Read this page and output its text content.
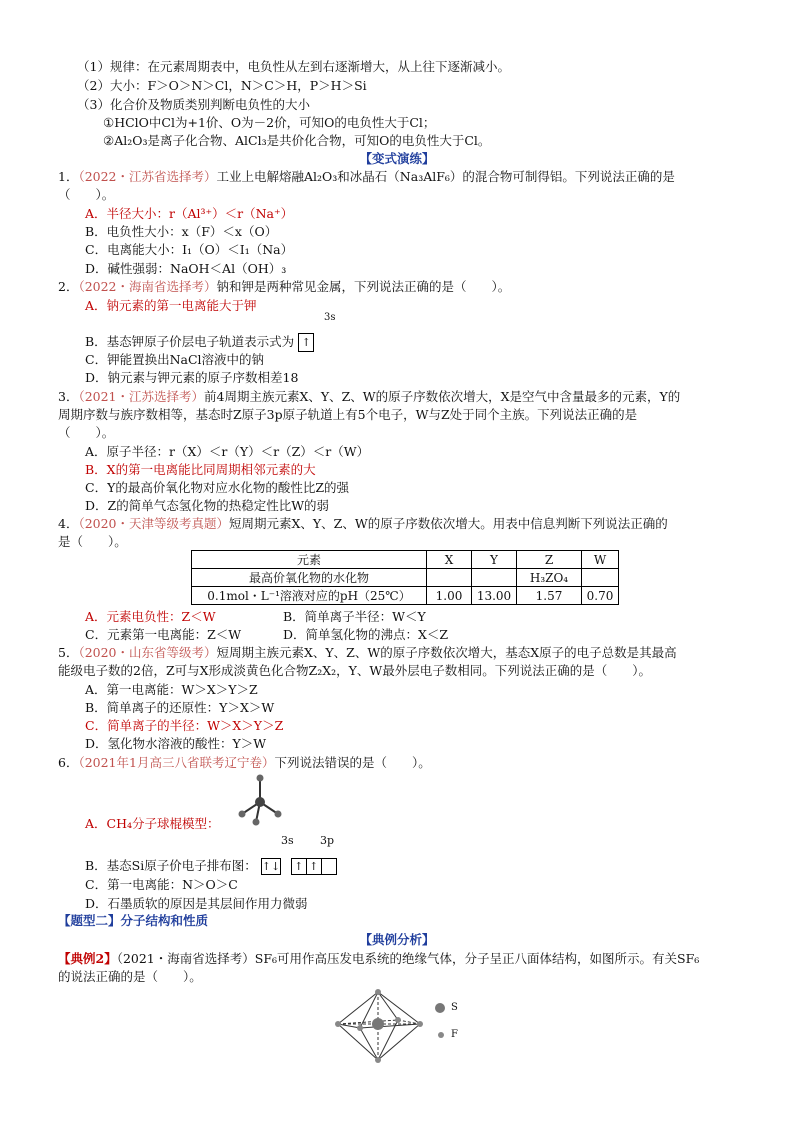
（1）规律：在元素周期表中，电负性从左到右逐渐增大，从上往下逐渐减小。
（2）大小：F＞O＞N＞Cl，N＞C＞H，P＞H＞Si
（3）化合价及物质类别判断电负性的大小
①HClO中Cl为+1价、O为－2价，可知O的电负性大于Cl；
②Al₂O₃是离子化合物、AlCl₃是共价化合物，可知O的电负性大于Cl。
【变式演练】
1．（2022・江苏省选择考）工业上电解熔融Al₂O₃和冰晶石（Na₃AlF₆）的混合物可制得铝。下列说法正确的是
（　　）。
A．半径大小：r（Al³⁺）＜r（Na⁺）
B．电负性大小：x（F）＜x（O）
C．电离能大小：I₁（O）＜I₁（Na）
D．碱性强弱：NaOH＜Al（OH）₃
2．（2022・海南省选择考）钠和钾是两种常见金属，下列说法正确的是（　　）。
A．钠元素的第一电离能大于钾
3s
B．基态钾原子价层电子轨道表示式为 ↑
C．钾能置换出NaCl溶液中的钠
D．钠元素与钾元素的原子序数相差18
3．（2021・江苏选择考）前4周期主族元素X、Y、Z、W的原子序数依次增大，X是空气中含量最多的元素，Y的
周期序数与族序数相等，基态时Z原子3p原子轨道上有5个电子，W与Z处于同个主族。下列说法正确的是
（　　）。
A．原子半径：r（X）＜r（Y）＜r（Z）＜r（W）
B．X的第一电离能比同周期相邻元素的大
C．Y的最高价氧化物对应水化物的酸性比Z的强
D．Z的简单气态氢化物的热稳定性比W的弱
4．（2020・天津等级考真题）短周期元素X、Y、Z、W的原子序数依次增大。用表中信息判断下列说法正确的
是（　　）。
元素	X	Y	Z	W
最高价氧化物的水化物			H₃ZO₄	
0.1mol・L⁻¹溶液对应的pH（25℃）	1.00	13.00	1.57	0.70
A．元素电负性：Z＜W	B．简单离子半径：W＜Y
C．元素第一电离能：Z＜W	D．简单氢化物的沸点：X＜Z
5．（2020・山东省等级考）短周期主族元素X、Y、Z、W的原子序数依次增大，基态X原子的电子总数是其最高
能级电子数的2倍，Z可与X形成淡黄色化合物Z₂X₂，Y、W最外层电子数相同。下列说法正确的是（　　）。
A．第一电离能：W＞X＞Y＞Z
B．简单离子的还原性：Y＞X＞W
C．简单离子的半径：W＞X＞Y＞Z
D．氢化物水溶液的酸性：Y＞W
6．（2021年1月高三八省联考辽宁卷）下列说法错误的是（　　）。
A．CH₄分子球棍模型：
3s 3p
B．基态Si原子价电子排布图： ↑↓ ↑ ↑
C．第一电离能：N＞O＞C
D．石墨质软的原因是其层间作用力微弱
【题型二】分子结构和性质
【典例分析】
【典例2】（2021・海南省选择考）SF₆可用作高压发电系统的绝缘气体，分子呈正八面体结构，如图所示。有关SF₆
的说法正确的是（　　）。
S
F
